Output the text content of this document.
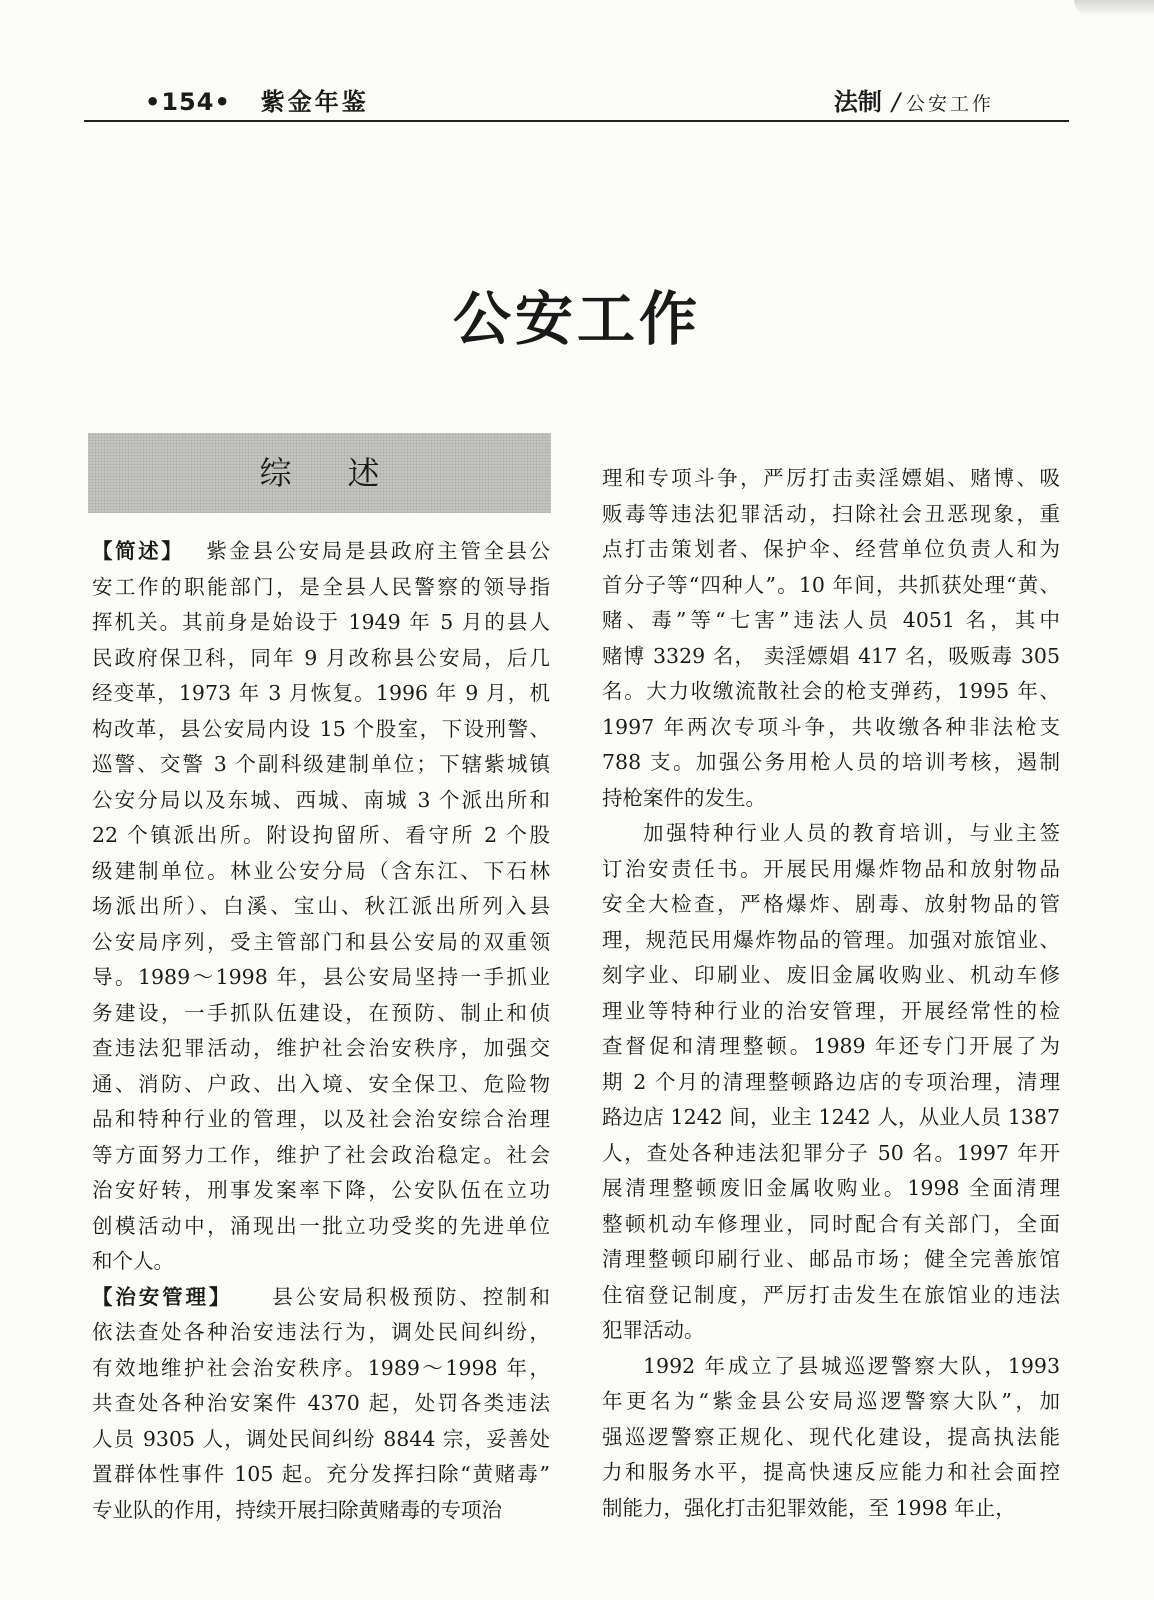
•154• 紫金年鉴	法制 / 公安工作
公安工作
综述
【简述】 紫金县公安局是县政府主管全县公
安工作的职能部门，是全县人民警察的领导指
挥机关。其前身是始设于 1949 年 5 月的县人
民政府保卫科，同年 9 月改称县公安局，后几
经变革，1973 年 3 月恢复。1996 年 9 月，机
构改革，县公安局内设 15 个股室，下设刑警、
巡警、交警 3 个副科级建制单位；下辖紫城镇
公安分局以及东城、西城、南城 3 个派出所和
22 个镇派出所。附设拘留所、看守所 2 个股
级建制单位。林业公安分局（含东江、下石林
场派出所）、白溪、宝山、秋江派出所列入县
公安局序列，受主管部门和县公安局的双重领
导。1989～1998 年，县公安局坚持一手抓业
务建设，一手抓队伍建设，在预防、制止和侦
查违法犯罪活动，维护社会治安秩序，加强交
通、消防、户政、出入境、安全保卫、危险物
品和特种行业的管理，以及社会治安综合治理
等方面努力工作，维护了社会政治稳定。社会
治安好转，刑事发案率下降，公安队伍在立功
创模活动中，涌现出一批立功受奖的先进单位
和个人。
【治安管理】 县公安局积极预防、控制和
依法查处各种治安违法行为，调处民间纠纷，
有效地维护社会治安秩序。1989～1998 年，
共查处各种治安案件 4370 起，处罚各类违法
人员 9305 人，调处民间纠纷 8844 宗，妥善处
置群体性事件 105 起。充分发挥扫除“黄赌毒”
专业队的作用，持续开展扫除黄赌毒的专项治
理和专项斗争，严厉打击卖淫嫖娼、赌博、吸
贩毒等违法犯罪活动，扫除社会丑恶现象，重
点打击策划者、保护伞、经营单位负责人和为
首分子等“四种人”。10 年间，共抓获处理“黄、
赌、毒”等“七害”违法人员 4051 名，其中
赌博 3329 名， 卖淫嫖娼 417 名，吸贩毒 305
名。大力收缴流散社会的枪支弹药，1995 年、
1997 年两次专项斗争，共收缴各种非法枪支
788 支。加强公务用枪人员的培训考核，遏制
持枪案件的发生。
加强特种行业人员的教育培训，与业主签
订治安责任书。开展民用爆炸物品和放射物品
安全大检查，严格爆炸、剧毒、放射物品的管
理，规范民用爆炸物品的管理。加强对旅馆业、
刻字业、印刷业、废旧金属收购业、机动车修
理业等特种行业的治安管理，开展经常性的检
查督促和清理整顿。1989 年还专门开展了为
期 2 个月的清理整顿路边店的专项治理，清理
路边店 1242 间，业主 1242 人，从业人员 1387
人，查处各种违法犯罪分子 50 名。1997 年开
展清理整顿废旧金属收购业。1998 全面清理
整顿机动车修理业，同时配合有关部门，全面
清理整顿印刷行业、邮品市场；健全完善旅馆
住宿登记制度，严厉打击发生在旅馆业的违法
犯罪活动。
1992 年成立了县城巡逻警察大队，1993
年更名为“紫金县公安局巡逻警察大队”，加
强巡逻警察正规化、现代化建设，提高执法能
力和服务水平，提高快速反应能力和社会面控
制能力，强化打击犯罪效能，至 1998 年止，
